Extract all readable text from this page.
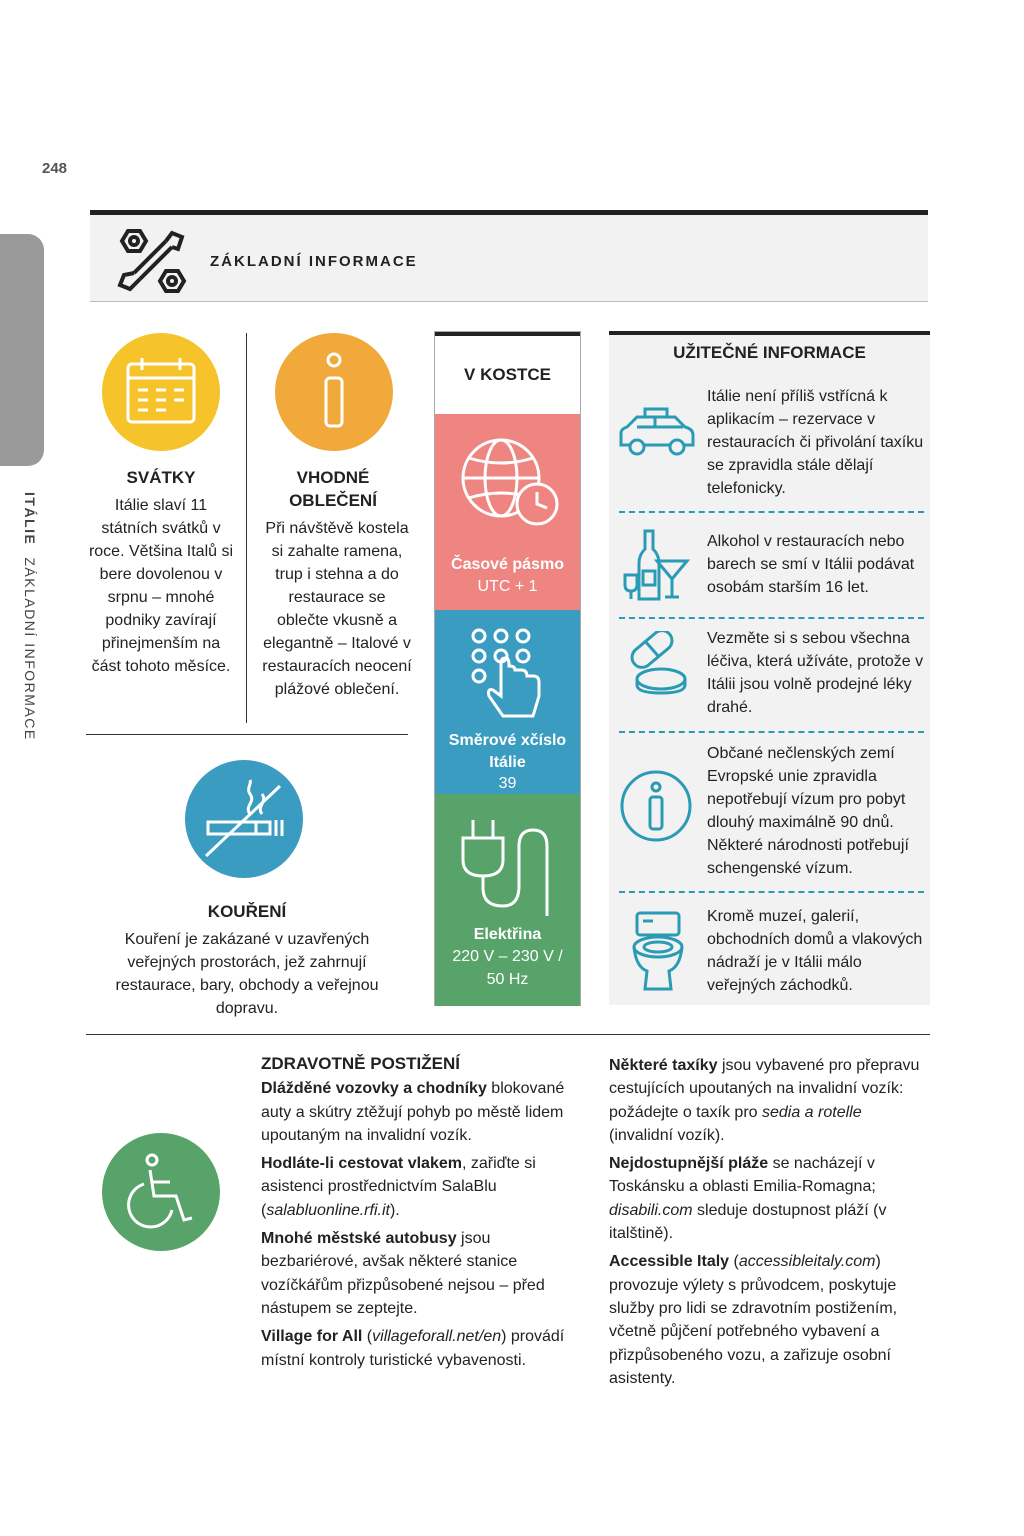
248
ITÁLIEZÁKLADNÍ INFORMACE
ZÁKLADNÍ INFORMACE
SVÁTKY
Itálie slaví 11 státních svátků v roce. Většina Italů si bere dovolenou v srpnu – mnohé podniky zavírají přinejmenším na část tohoto měsíce.
VHODNÉ
OBLEČENÍ
Při návštěvě kostela si zahalte ramena, trup i stehna a do restaurace se oblečte vkusně a elegantně – Italové v restauracích neocení plážové oblečení.
KOUŘENÍ
Kouření je zakázané v uzavřených veřejných prostorách, jež zahrnují restaurace, bary, obchody a veřejnou dopravu.
V KOSTCE
Časové pásmo
UTC + 1
Směrové xčíslo
Itálie
39
Elektřina
220 V – 230 V /
50 Hz
UŽITEČNÉ INFORMACE
Itálie není příliš vstřícná k aplikacím – rezervace v restauracích či přivolání taxíku se zpravidla stále dělají telefonicky.
Alkohol v restauracích nebo barech se smí v Itálii podávat osobám starším 16 let.
Vezměte si s sebou všechna léčiva, která užíváte, protože v Itálii jsou volně prodejné léky drahé.
Občané nečlenských zemí Evropské unie zpravidla nepotřebují vízum pro pobyt dlouhý maximálně 90 dnů. Některé národnosti potřebují schengenské vízum.
Kromě muzeí, galerií, obchodních domů a vlakových nádraží je v Itálii málo veřejných záchodků.
ZDRAVOTNĚ POSTIŽENÍ

Dlážděné vozovky a chodníky blokované auty a skútry ztěžují pohyb po městě lidem upoutaným na invalidní vozík.

Hodláte-li cestovat vlakem, zařiďte si asistenci prostřednictvím SalaBlu (salabluonline.rfi.it).

Mnohé městské autobusy jsou bezbariérové, avšak některé stanice vozíčkářům přizpůsobené nejsou – před nástupem se zeptejte.

Village for All (villageforall.net/en) provádí místní kontroly turistické vybavenosti.

Některé taxíky jsou vybavené pro přepravu cestujících upoutaných na invalidní vozík: požádejte o taxík pro sedia a rotelle (invalidní vozík).

Nejdostupnější pláže se nacházejí v Toskánsku a oblasti Emilia-Romagna; disabili.com sleduje dostupnost pláží (v italštině).

Accessible Italy (accessibleitaly.com) provozuje výlety s průvodcem, poskytuje služby pro lidi se zdravotním postižením, včetně půjčení potřebného vybavení a přizpůsobeného vozu, a zařizuje osobní asistenty.
